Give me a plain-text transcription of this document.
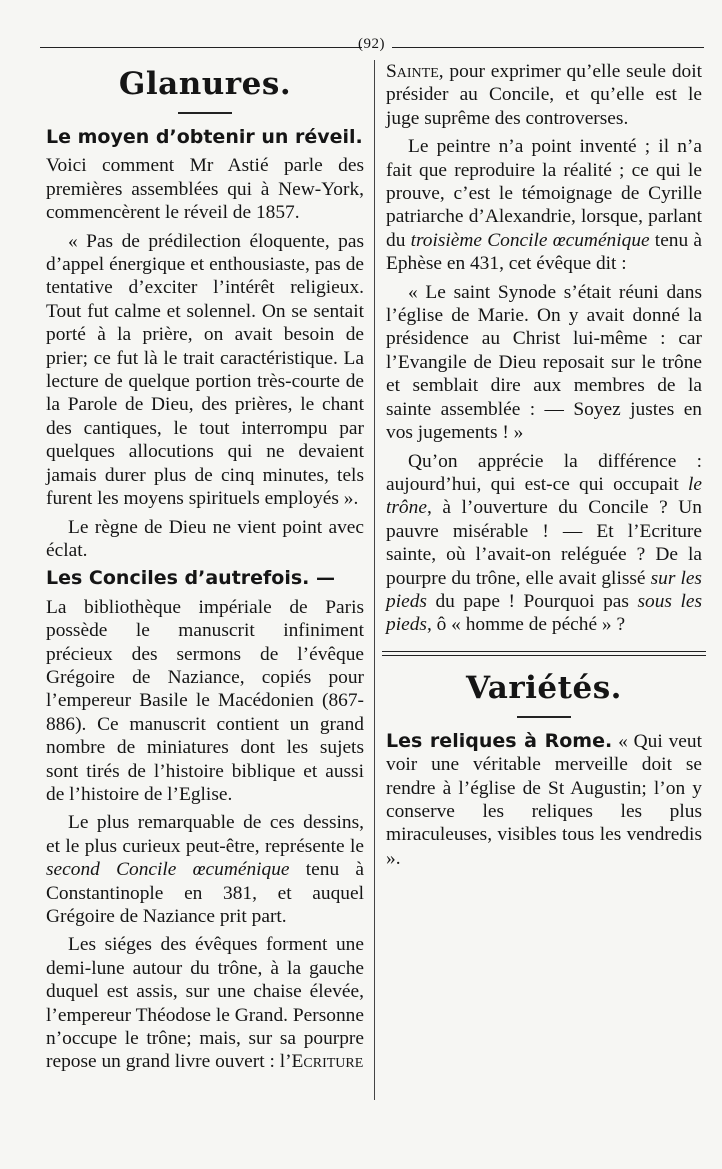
(92)
Glanures.

Le moyen d’obtenir un réveil.

Voici comment Mr Astié parle des premières assemblées qui à New-York, commencèrent le réveil de 1857.

« Pas de prédilection éloquente, pas d’appel énergique et enthousiaste, pas de tentative d’exciter l’intérêt religieux. Tout fut calme et solennel. On se sentait porté à la prière, on avait besoin de prier; ce fut là le trait caractéristique. La lecture de quelque portion très-courte de la Parole de Dieu, des prières, le chant des cantiques, le tout interrompu par quelques allocutions qui ne devaient jamais durer plus de cinq minutes, tels furent les moyens spirituels employés ».

Le règne de Dieu ne vient point avec éclat.

Les Conciles d’autrefois. —

La bibliothèque impériale de Paris possède le manuscrit infiniment précieux des sermons de l’évêque Grégoire de Naziance, copiés pour l’empereur Basile le Macédonien (867-886). Ce manuscrit contient un grand nombre de miniatures dont les sujets sont tirés de l’histoire biblique et aussi de l’histoire de l’Eglise.

Le plus remarquable de ces dessins, et le plus curieux peut-être, représente le second Concile œcuménique tenu à Constantinople en 381, et auquel Grégoire de Naziance prit part.

Les siéges des évêques forment une demi-lune autour du trône, à la gauche duquel est assis, sur une chaise élevée, l’empereur Théodose le Grand. Personne n’occupe le trône; mais, sur sa pourpre repose un grand livre ouvert : l’Ecriture

Sainte, pour exprimer qu’elle seule doit présider au Concile, et qu’elle est le juge suprême des controverses.

Le peintre n’a point inventé ; il n’a fait que reproduire la réalité ; ce qui le prouve, c’est le témoignage de Cyrille patriarche d’Alexandrie, lorsque, parlant du troisième Concile œcuménique tenu à Ephèse en 431, cet évêque dit :

« Le saint Synode s’était réuni dans l’église de Marie. On y avait donné la présidence au Christ lui-même : car l’Evangile de Dieu reposait sur le trône et semblait dire aux membres de la sainte assemblée : — Soyez justes en vos jugements ! »

Qu’on apprécie la différence : aujourd’hui, qui est-ce qui occupait le trône, à l’ouverture du Concile ? Un pauvre misérable ! — Et l’Ecriture sainte, où l’avait-on reléguée ? De la pourpre du trône, elle avait glissé sur les pieds du pape ! Pourquoi pas sous les pieds, ô « homme de péché » ?

Variétés.

Les reliques à Rome. « Qui veut voir une véritable merveille doit se rendre à l’église de St Augustin; l’on y conserve les reliques les plus miraculeuses, visibles tous les vendredis ».
